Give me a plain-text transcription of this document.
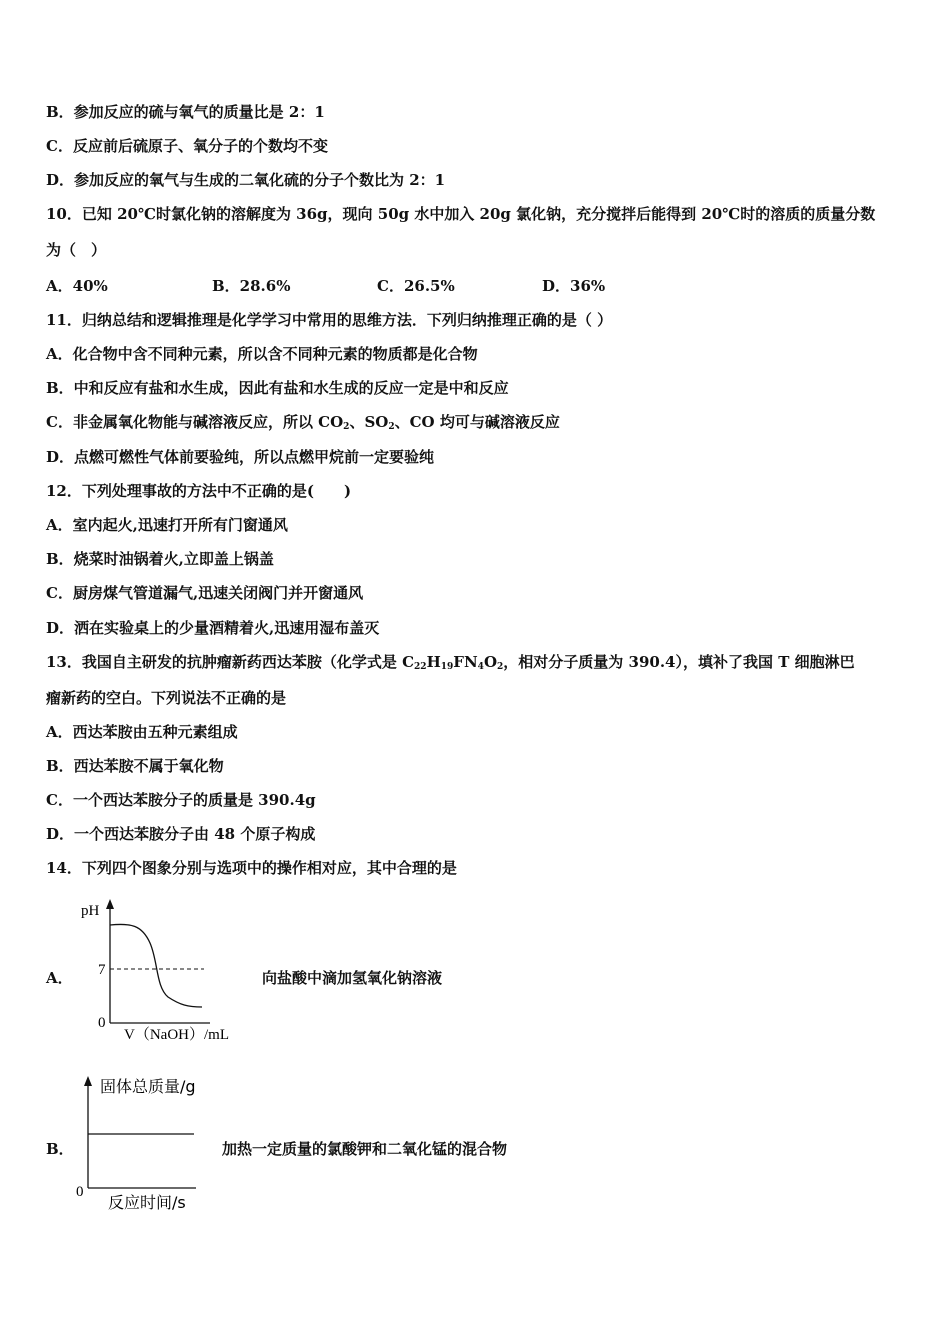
B．参加反应的硫与氧气的质量比是 2：1
C．反应前后硫原子、氧分子的个数均不变
D．参加反应的氧气与生成的二氧化硫的分子个数比为 2：1
10．已知 20℃时氯化钠的溶解度为 36g，现向 50g 水中加入 20g 氯化钠，充分搅拌后能得到 20℃时的溶质的质量分数
为（　）
A．40%	B．28.6%	C．26.5%	D．36%
11．归纳总结和逻辑推理是化学学习中常用的思维方法．下列归纳推理正确的是（ ）
A．化合物中含不同种元素，所以含不同种元素的物质都是化合物
B．中和反应有盐和水生成，因此有盐和水生成的反应一定是中和反应
C．非金属氧化物能与碱溶液反应，所以 $CO_2$、$SO_2$、CO 均可与碱溶液反应
D．点燃可燃性气体前要验纯，所以点燃甲烷前一定要验纯
12．下列处理事故的方法中不正确的是(　　)
A．室内起火,迅速打开所有门窗通风
B．烧菜时油锅着火,立即盖上锅盖
C．厨房煤气管道漏气,迅速关闭阀门并开窗通风
D．洒在实验桌上的少量酒精着火,迅速用湿布盖灭
13．我国自主研发的抗肿瘤新药西达苯胺（化学式是 $C_{22}H_{19}FN_4O_2$，相对分子质量为 390.4），填补了我国 T 细胞淋巴
瘤新药的空白。下列说法不正确的是
A．西达苯胺由五种元素组成
B．西达苯胺不属于氧化物
C．一个西达苯胺分子的质量是 390.4g
D．一个西达苯胺分子由 48 个原子构成
14．下列四个图象分别与选项中的操作相对应，其中合理的是
A．
pH
7
0
V（NaOH）/mL
向盐酸中滴加氢氧化钠溶液
B．
固体总质量/g
0
反应时间/s
加热一定质量的氯酸钾和二氧化锰的混合物
